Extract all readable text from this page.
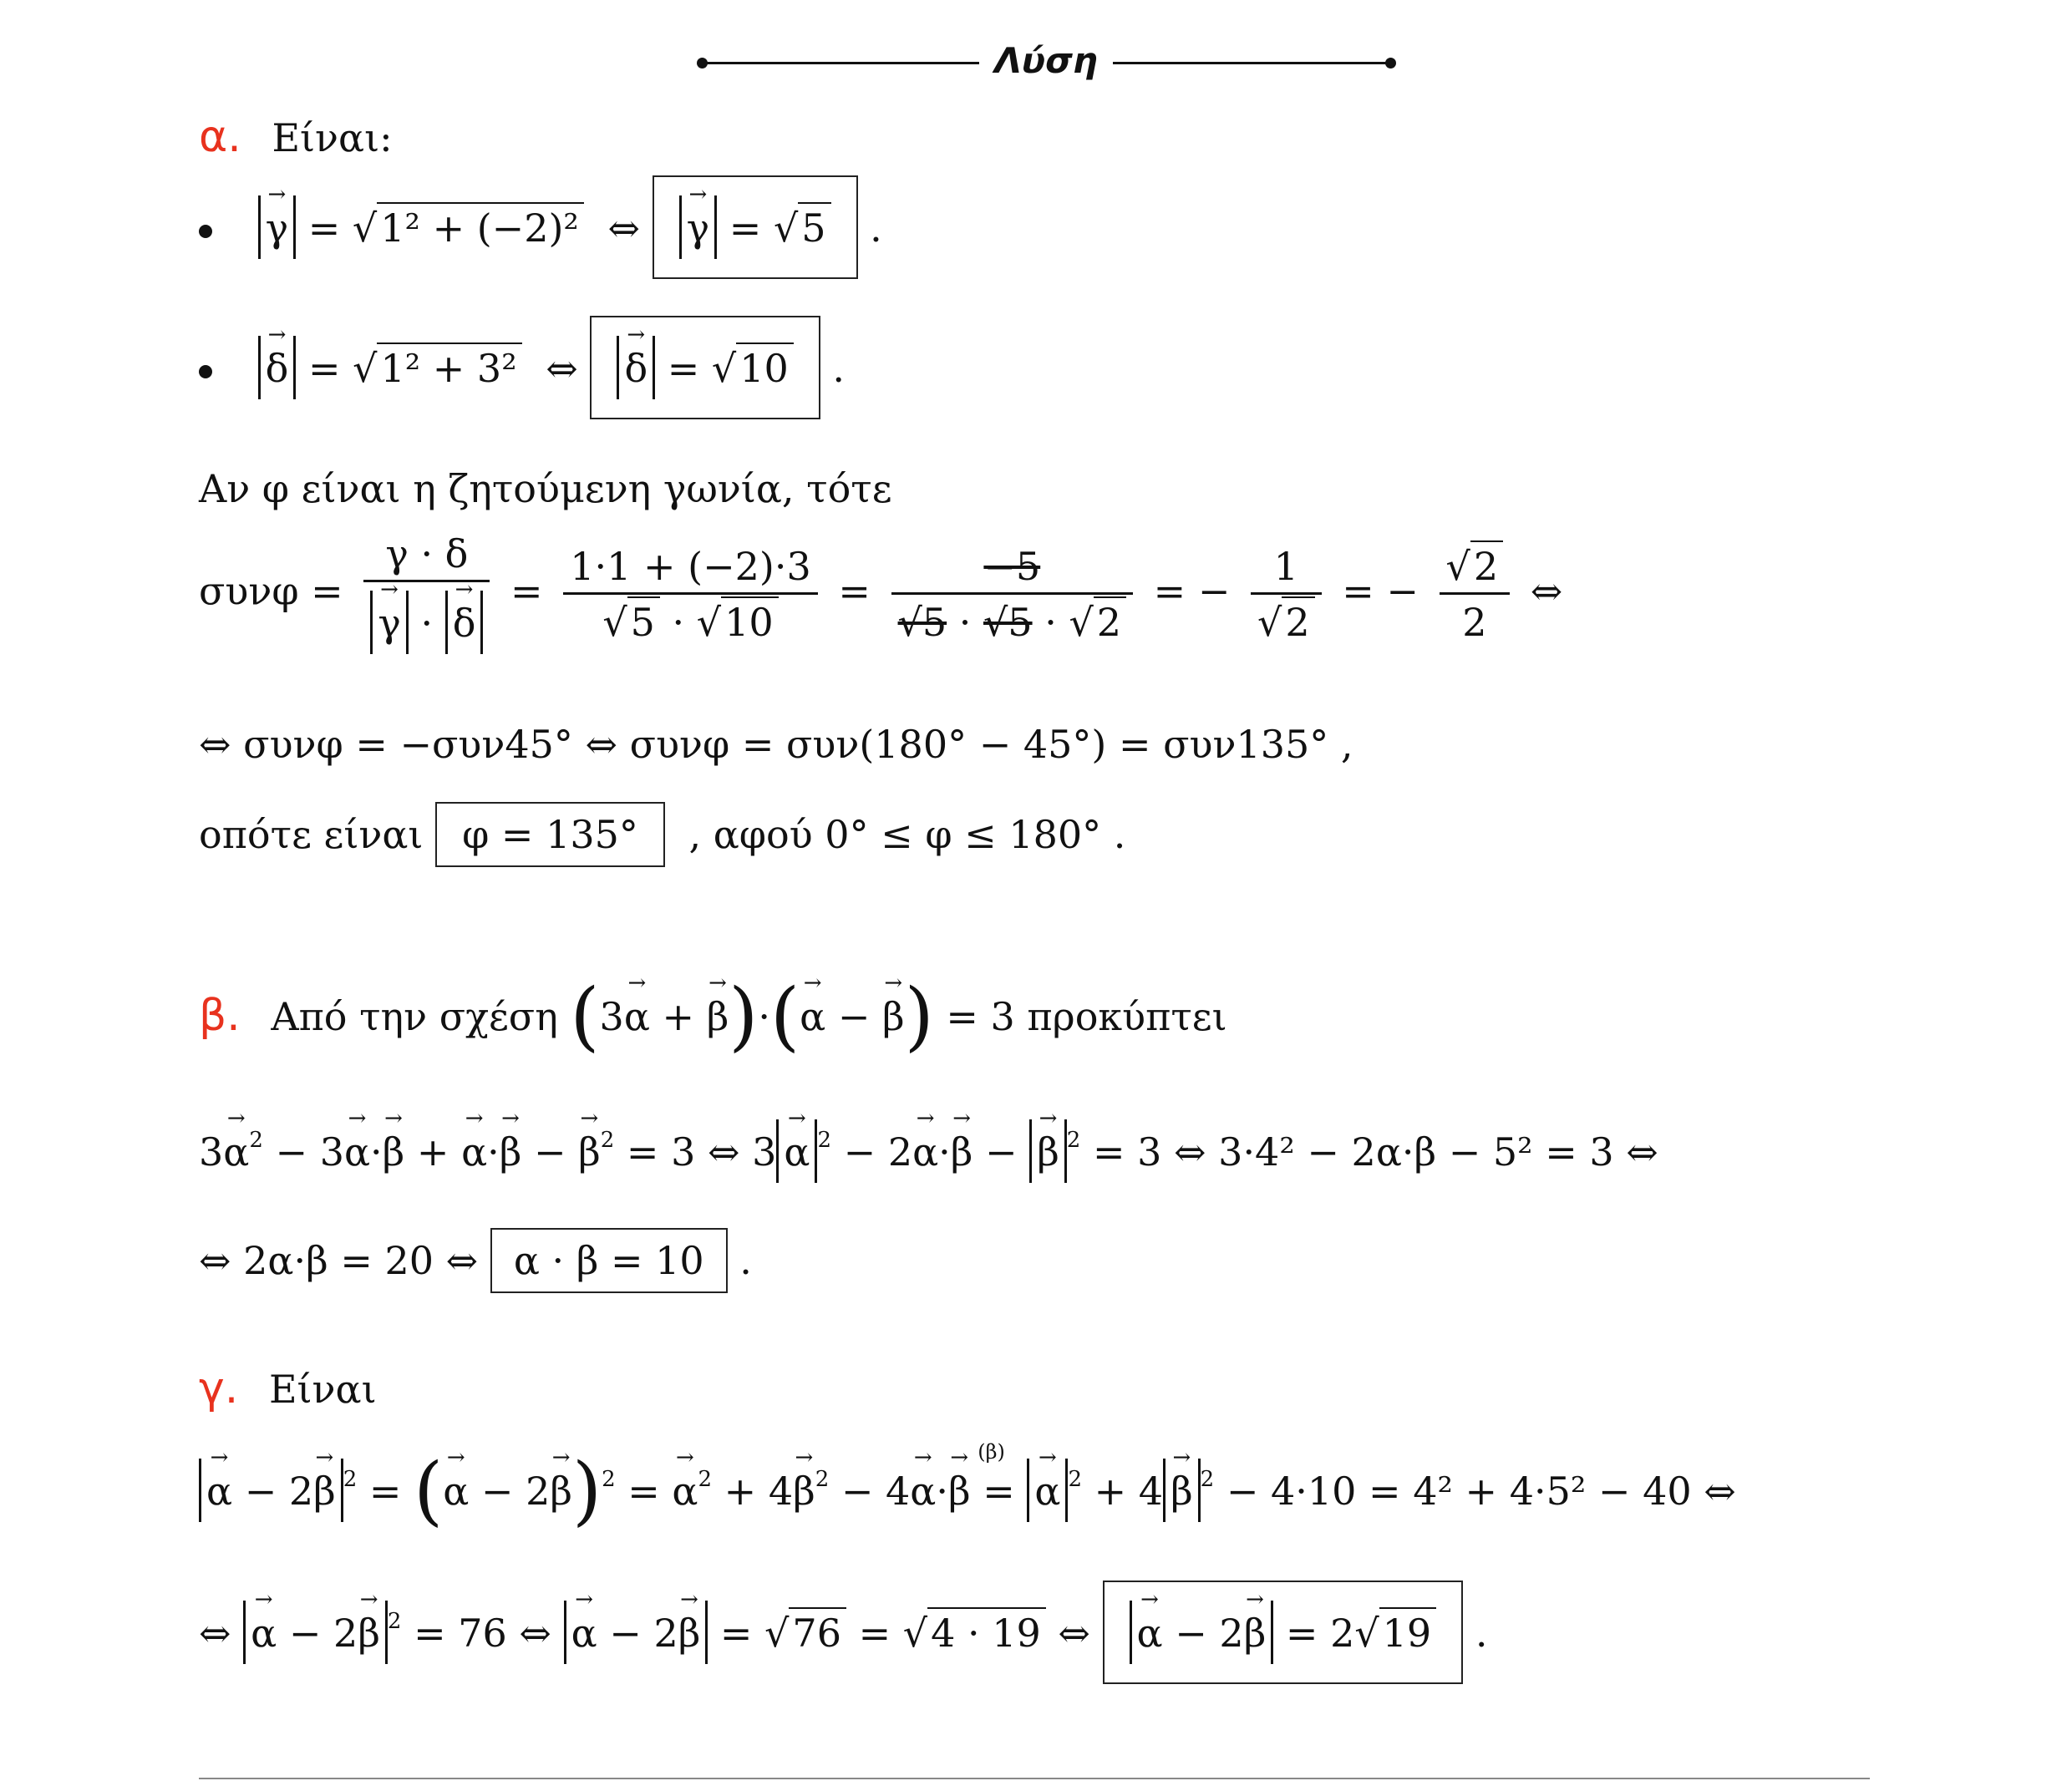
Λύση
α. Είναι:
→ γ = √1² + (−2)² ⇔ → γ = √5 .
→ δ = √1² + 3² ⇔ → δ = √10 .
Αν φ είναι η ζητούμενη γωνία, τότε
συνφ = γ · δ
→ γ · → $\delta = \frac{1\cdot 1 + (-2)\cdot 3}{√5 \cdot √10} = \frac{-5}{√5 \cdot √5 \cdot √2}$ = − $\frac{1}{√2}$ = − $\frac{√2}{2}$ ⇔
⇔ συνφ = −συν45° ⇔ συνφ = συν(180° − 45°) = συν135° ,
οπότε είναι φ = 135° , αφού 0° ≤ φ ≤ 180° .
β. Από την σχέση (3→ α + → β)·(→ α − → β) = 3 προκύπτει
$3\to \alpha^2 - 3\to \alpha\cdot\to \beta$ + → α·→ β − → $\beta^2 = 3$ ⇔ 3 → α $^2$ − 2→ α·→ β − → β $^2$ = 3 ⇔ 3·4² − 2α·β − 5² = 3 ⇔
⇔ 2α·β = 20 ⇔ α · β = 10 .
γ. Είναι
→ α − 2→ β $^2$ = (→ α − 2→ β)$^2$ = → $\alpha^2 + 4\to \beta^2 - 4\to \alpha\cdot\to \beta$ =
(β)
→ α $^2$ + 4 → β $^2$ − 4·10 = 4² + 4·5² − 40 ⇔
⇔ → α − 2→ β $^2$ = 76 ⇔ → α − 2→ β = √76 = √4 · 19 ⇔ → α − 2→ β = 2√19 .
